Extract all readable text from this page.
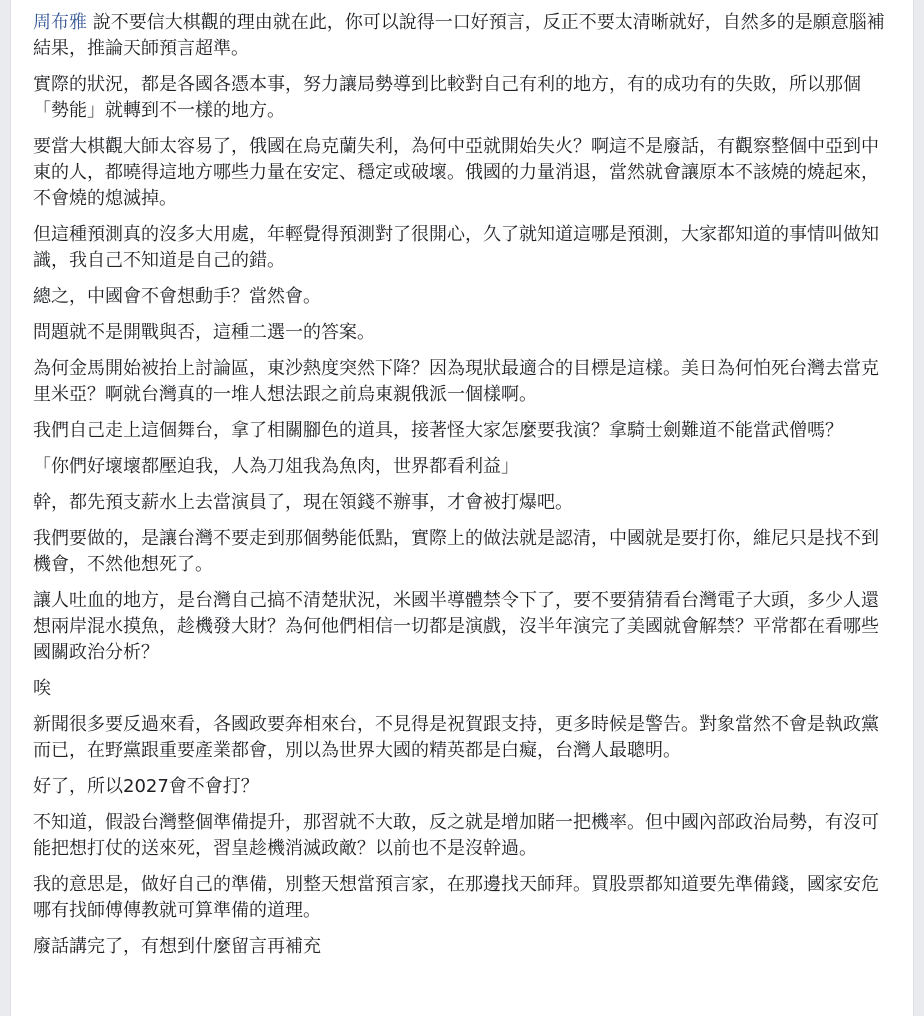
周布雅 說不要信大棋觀的理由就在此，你可以說得一口好預言，反正不要太清晰就好，自然多的是願意腦補結果，推論天師預言超準。

實際的狀況，都是各國各憑本事，努力讓局勢導到比較對自己有利的地方，有的成功有的失敗，所以那個「勢能」就轉到不一樣的地方。

要當大棋觀大師太容易了，俄國在烏克蘭失利，為何中亞就開始失火？啊這不是廢話，有觀察整個中亞到中東的人，都曉得這地方哪些力量在安定、穩定或破壞。俄國的力量消退，當然就會讓原本不該燒的燒起來，不會燒的熄滅掉。

但這種預測真的沒多大用處，年輕覺得預測對了很開心，久了就知道這哪是預測，大家都知道的事情叫做知識，我自己不知道是自己的錯。

總之，中國會不會想動手？當然會。

問題就不是開戰與否，這種二選一的答案。

為何金馬開始被抬上討論區，東沙熱度突然下降？因為現狀最適合的目標是這樣。美日為何怕死台灣去當克里米亞？啊就台灣真的一堆人想法跟之前烏東親俄派一個樣啊。

我們自己走上這個舞台，拿了相關腳色的道具，接著怪大家怎麼要我演？拿騎士劍難道不能當武僧嗎？

「你們好壞壞都壓迫我，人為刀俎我為魚肉，世界都看利益」

幹，都先預支薪水上去當演員了，現在領錢不辦事，才會被打爆吧。

我們要做的，是讓台灣不要走到那個勢能低點，實際上的做法就是認清，中國就是要打你，維尼只是找不到機會，不然他想死了。

讓人吐血的地方，是台灣自己搞不清楚狀況，米國半導體禁令下了，要不要猜猜看台灣電子大頭，多少人還想兩岸混水摸魚，趁機發大財？為何他們相信一切都是演戲，沒半年演完了美國就會解禁？平常都在看哪些國關政治分析？

唉

新聞很多要反過來看，各國政要奔相來台，不見得是祝賀跟支持，更多時候是警告。對象當然不會是執政黨而已，在野黨跟重要產業都會，別以為世界大國的精英都是白癡，台灣人最聰明。

好了，所以2027會不會打？

不知道，假設台灣整個準備提升，那習就不大敢，反之就是增加賭一把機率。但中國內部政治局勢，有沒可能把想打仗的送來死，習皇趁機消滅政敵？以前也不是沒幹過。

我的意思是，做好自己的準備，別整天想當預言家，在那邊找天師拜。買股票都知道要先準備錢，國家安危哪有找師傅傳教就可算準備的道理。

廢話講完了，有想到什麼留言再補充
